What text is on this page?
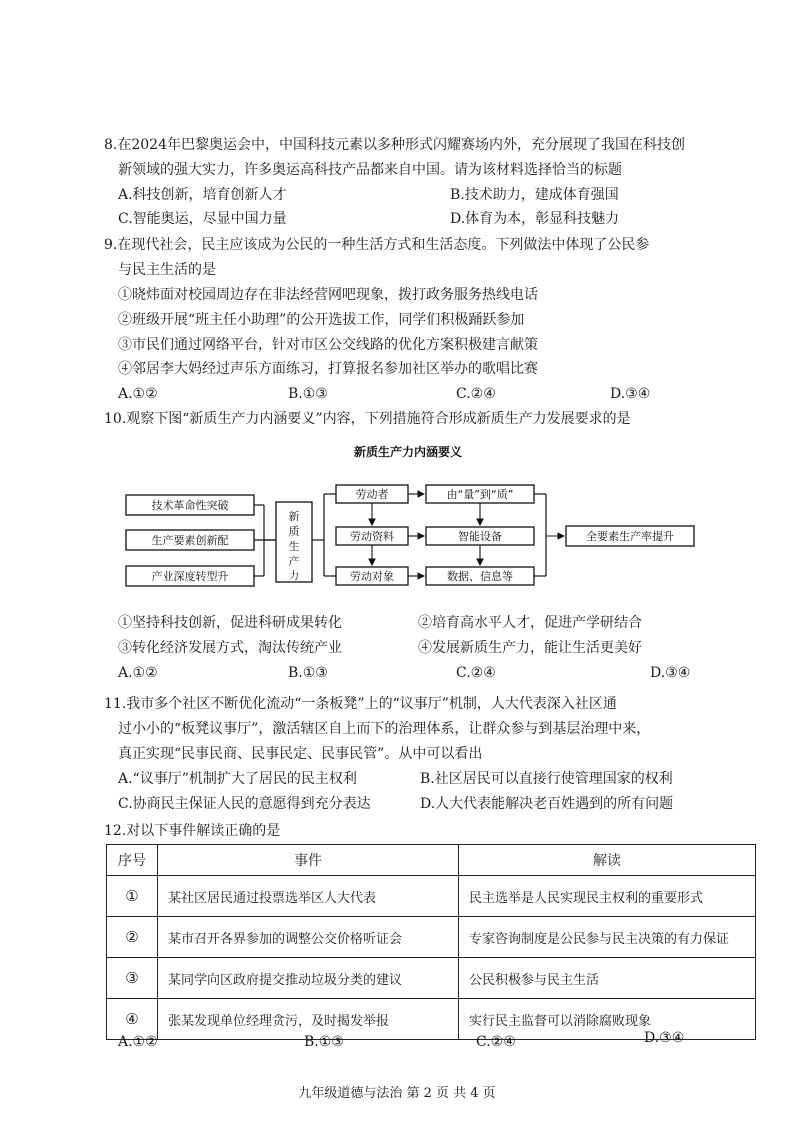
8.在2024年巴黎奥运会中，中国科技元素以多种形式闪耀赛场内外，充分展现了我国在科技创
新领域的强大实力，许多奥运高科技产品都来自中国。请为该材料选择恰当的标题
A.科技创新，培育创新人才	B.技术助力，建成体育强国
C.智能奥运，尽显中国力量	D.体育为本，彰显科技魅力
9.在现代社会，民主应该成为公民的一种生活方式和生活态度。下列做法中体现了公民参
与民主生活的是
①晓炜面对校园周边存在非法经营网吧现象，拨打政务服务热线电话
②班级开展“班主任小助理”的公开选拔工作，同学们积极踊跃参加
③市民们通过网络平台，针对市区公交线路的优化方案积极建言献策
④邻居李大妈经过声乐方面练习，打算报名参加社区举办的歌唱比赛
A.①②	B.①③	C.②④	D.③④
10.观察下图“新质生产力内涵要义”内容，下列措施符合形成新质生产力发展要求的是
新质生产力内涵要义
技术革命性突破
生产要素创新配
产业深度转型升
新
质
生
产
力
劳动者
劳动资料
劳动对象
由“量”到“质”
智能设备
数据、信息等
全要素生产率提升
①坚持科技创新，促进科研成果转化	②培育高水平人才，促进产学研结合
③转化经济发展方式，淘汰传统产业	④发展新质生产力，能让生活更美好
A.①②	B.①③	C.②④	D.③④
11.我市多个社区不断优化流动“一条板凳”上的“议事厅”机制，人大代表深入社区通
过小小的“板凳议事厅”，激活辖区自上而下的治理体系，让群众参与到基层治理中来，
真正实现“民事民商、民事民定、民事民管”。从中可以看出
A.“议事厅”机制扩大了居民的民主权利	B.社区居民可以直接行使管理国家的权利
C.协商民主保证人民的意愿得到充分表达	D.人大代表能解决老百姓遇到的所有问题
12.对以下事件解读正确的是
序号	事件	解读
①	某社区居民通过投票选举区人大代表	民主选举是人民实现民主权利的重要形式
②	某市召开各界参加的调整公交价格听证会	专家咨询制度是公民参与民主决策的有力保证
③	某同学向区政府提交推动垃圾分类的建议	公民积极参与民主生活
④	张某发现单位经理贪污，及时揭发举报	实行民主监督可以消除腐败现象
A.①②	B.①③	C.②④	D.③④
九年级道德与法治 第 2 页 共 4 页
